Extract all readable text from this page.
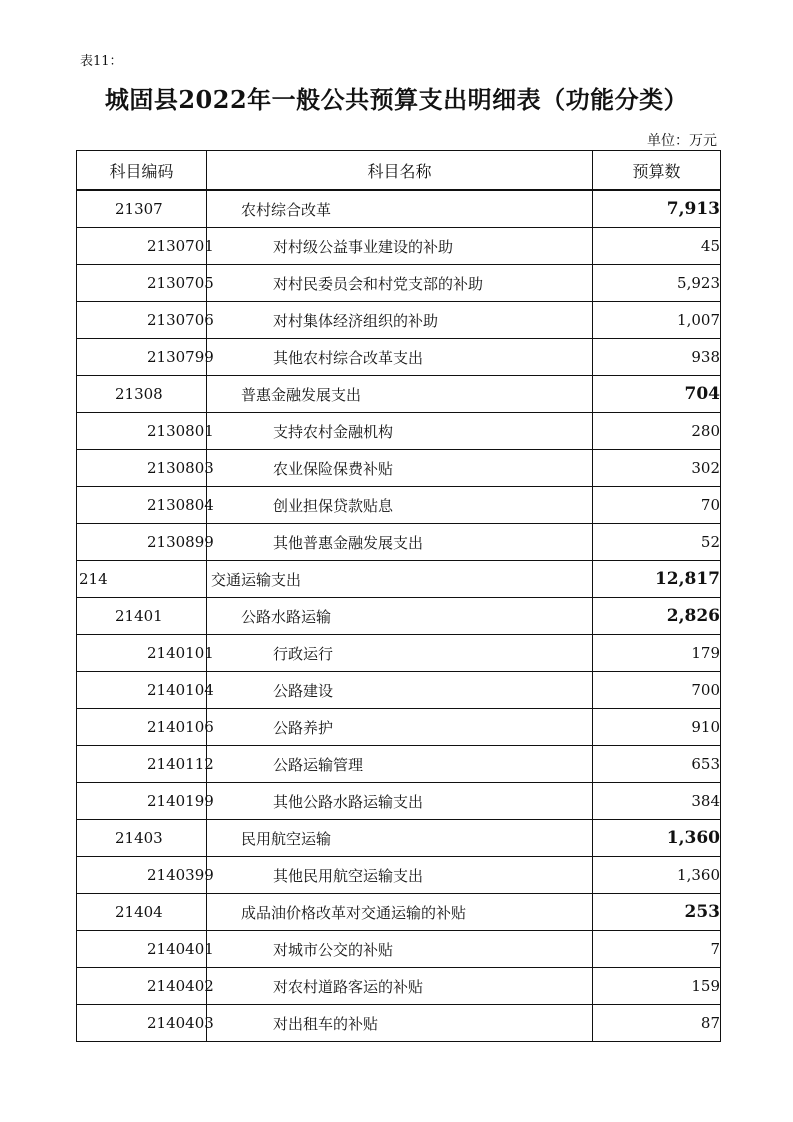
表11：
城固县2022年一般公共预算支出明细表（功能分类）
单位：万元
科目编码	科目名称	预算数
21307	农村综合改革	7,913
2130701	对村级公益事业建设的补助	45
2130705	对村民委员会和村党支部的补助	5,923
2130706	对村集体经济组织的补助	1,007
2130799	其他农村综合改革支出	938
21308	普惠金融发展支出	704
2130801	支持农村金融机构	280
2130803	农业保险保费补贴	302
2130804	创业担保贷款贴息	70
2130899	其他普惠金融发展支出	52
214	交通运输支出	12,817
21401	公路水路运输	2,826
2140101	行政运行	179
2140104	公路建设	700
2140106	公路养护	910
2140112	公路运输管理	653
2140199	其他公路水路运输支出	384
21403	民用航空运输	1,360
2140399	其他民用航空运输支出	1,360
21404	成品油价格改革对交通运输的补贴	253
2140401	对城市公交的补贴	7
2140402	对农村道路客运的补贴	159
2140403	对出租车的补贴	87
